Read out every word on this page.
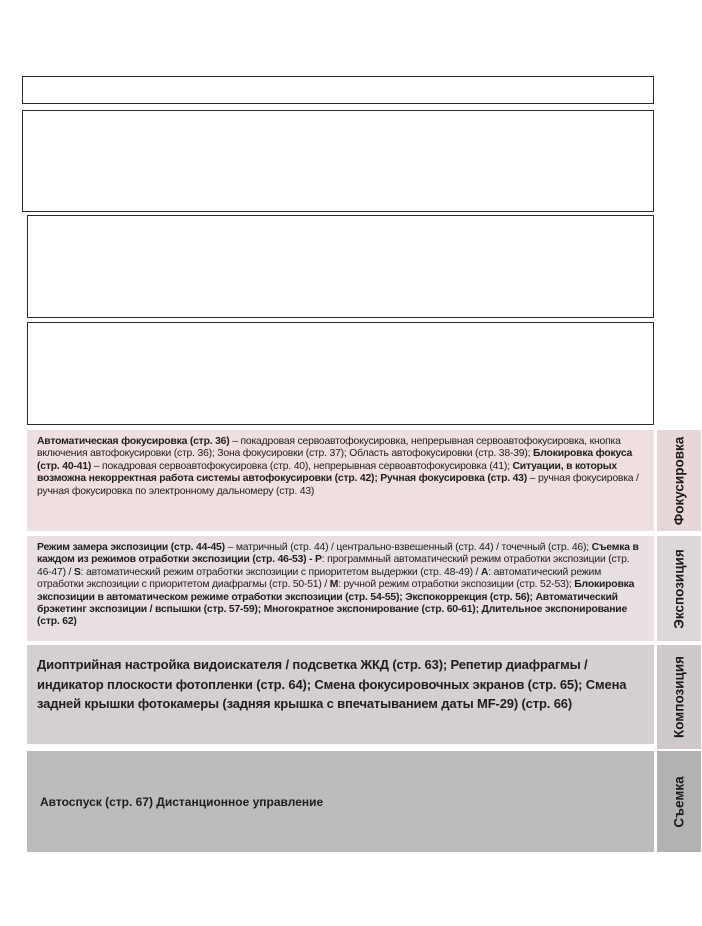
Автоматическая фокусировка (стр. 36) – покадровая сервоавтофокусировка, непрерывная сервоавтофокусировка, кнопка включения автофокусировки (стр. 36); Зона фокусировки (стр. 37); Область автофокусировки (стр. 38-39); Блокировка фокуса (стр. 40-41) – покадровая сервоавтофокусировка (стр. 40), непрерывная сервоавтофокусировка (41); Ситуации, в которых возможна некорректная работа системы автофокусировки (стр. 42); Ручная фокусировка (стр. 43) – ручная фокусировка / ручная фокусировка по электронному дальномеру (стр. 43)	Фокусировка

Режим замера экспозиции (стр. 44-45) – матричный (стр. 44) / центрально-взвешенный (стр. 44) / точечный (стр. 46); Съемка в каждом из режимов отработки экспозиции (стр. 46-53) - P: программный автоматический режим отработки экспозиции (стр. 46-47) / S: автоматический режим отработки экспозиции с приоритетом выдержки (стр. 48-49) / A: автоматический режим отработки экспозиции с приоритетом диафрагмы (стр. 50-51) / M: ручной режим отработки экспозиции (стр. 52-53); Блокировка экспозиции в автоматическом режиме отработки экспозиции (стр. 54-55); Экспокоррекция (стр. 56); Автоматический брэкетинг экспозиции / вспышки (стр. 57-59); Многократное экспонирование (стр. 60-61); Длительное экспонирование (стр. 62)	Экспозиция

Диоптрийная настройка видоискателя / подсветка ЖКД (стр. 63); Репетир диафрагмы / индикатор плоскости фотопленки (стр. 64); Смена фокусировочных экранов (стр. 65); Смена задней крышки фотокамеры (задняя крышка с впечатыванием даты MF-29) (стр. 66)	Композиция
Автоспуск (стр. 67) Дистанционное управление	Съемка
